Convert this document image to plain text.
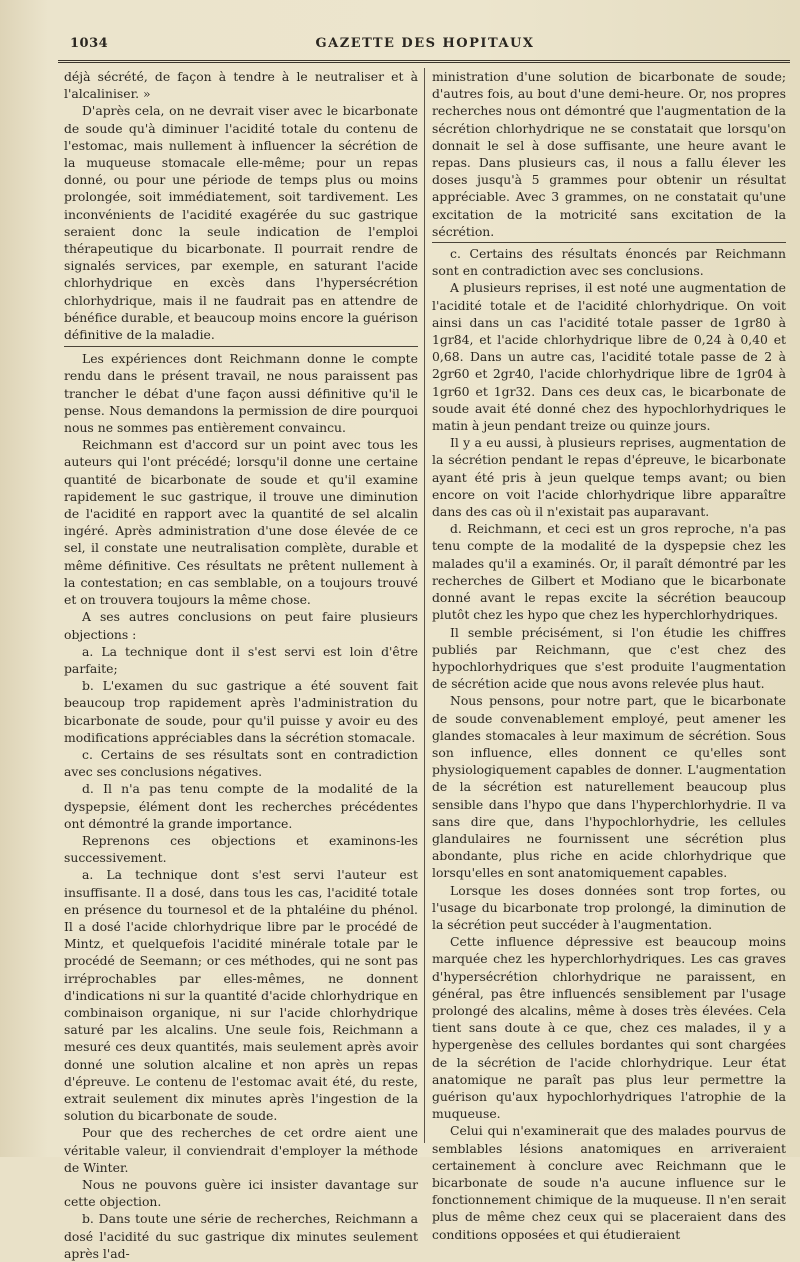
1034	GAZETTE DES HOPITAUX

déjà sécrété, de façon à tendre à le neutraliser et à l'alcaliniser. »

D'après cela, on ne devrait viser avec le bicarbonate de soude qu'à diminuer l'acidité totale du contenu de l'estomac, mais nullement à influencer la sécrétion de la muqueuse stomacale elle-même; pour un repas donné, ou pour une période de temps plus ou moins prolongée, soit immédiatement, soit tardivement. Les inconvénients de l'acidité exagérée du suc gastrique seraient donc la seule indication de l'emploi thérapeutique du bicarbonate. Il pourrait rendre de signalés services, par exemple, en saturant l'acide chlorhydrique en excès dans l'hypersécrétion chlorhydrique, mais il ne faudrait pas en attendre de bénéfice durable, et beaucoup moins encore la guérison définitive de la maladie.

Les expériences dont Reichmann donne le compte rendu dans le présent travail, ne nous paraissent pas trancher le débat d'une façon aussi définitive qu'il le pense. Nous demandons la permission de dire pourquoi nous ne sommes pas entièrement convaincu.

Reichmann est d'accord sur un point avec tous les auteurs qui l'ont précédé; lorsqu'il donne une certaine quantité de bicarbonate de soude et qu'il examine rapidement le suc gastrique, il trouve une diminution de l'acidité en rapport avec la quantité de sel alcalin ingéré. Après administration d'une dose élevée de ce sel, il constate une neutralisation complète, durable et même définitive. Ces résultats ne prêtent nullement à la contestation; en cas semblable, on a toujours trouvé et on trouvera toujours la même chose.

A ses autres conclusions on peut faire plusieurs objections :

a. La technique dont il s'est servi est loin d'être parfaite;

b. L'examen du suc gastrique a été souvent fait beaucoup trop rapidement après l'administration du bicarbonate de soude, pour qu'il puisse y avoir eu des modifications appréciables dans la sécrétion stomacale.

c. Certains de ses résultats sont en contradiction avec ses conclusions négatives.

d. Il n'a pas tenu compte de la modalité de la dyspepsie, élément dont les recherches précédentes ont démontré la grande importance.

Reprenons ces objections et examinons-les successivement.

a. La technique dont s'est servi l'auteur est insuffisante. Il a dosé, dans tous les cas, l'acidité totale en présence du tournesol et de la phtaléine du phénol. Il a dosé l'acide chlorhydrique libre par le procédé de Mintz, et quelquefois l'acidité minérale totale par le procédé de Seemann; or ces méthodes, qui ne sont pas irréprochables par elles-mêmes, ne donnent d'indications ni sur la quantité d'acide chlorhydrique en combinaison organique, ni sur l'acide chlorhydrique saturé par les alcalins. Une seule fois, Reichmann a mesuré ces deux quantités, mais seulement après avoir donné une solution alcaline et non après un repas d'épreuve. Le contenu de l'estomac avait été, du reste, extrait seulement dix minutes après l'ingestion de la solution du bicarbonate de soude.

Pour que des recherches de cet ordre aient une véritable valeur, il conviendrait d'employer la méthode de Winter.

Nous ne pouvons guère ici insister davantage sur cette objection.

b. Dans toute une série de recherches, Reichmann a dosé l'acidité du suc gastrique dix minutes seulement après l'ad-

ministration d'une solution de bicarbonate de soude; d'autres fois, au bout d'une demi-heure. Or, nos propres recherches nous ont démontré que l'augmentation de la sécrétion chlorhydrique ne se constatait que lorsqu'on donnait le sel à dose suffisante, une heure avant le repas. Dans plusieurs cas, il nous a fallu élever les doses jusqu'à 5 grammes pour obtenir un résultat appréciable. Avec 3 grammes, on ne constatait qu'une excitation de la motricité sans excitation de la sécrétion.

c. Certains des résultats énoncés par Reichmann sont en contradiction avec ses conclusions.

A plusieurs reprises, il est noté une augmentation de l'acidité totale et de l'acidité chlorhydrique. On voit ainsi dans un cas l'acidité totale passer de 1gr80 à 1gr84, et l'acide chlorhydrique libre de 0,24 à 0,40 et 0,68. Dans un autre cas, l'acidité totale passe de 2 à 2gr60 et 2gr40, l'acide chlorhydrique libre de 1gr04 à 1gr60 et 1gr32. Dans ces deux cas, le bicarbonate de soude avait été donné chez des hypochlorhydriques le matin à jeun pendant treize ou quinze jours.

Il y a eu aussi, à plusieurs reprises, augmentation de la sécrétion pendant le repas d'épreuve, le bicarbonate ayant été pris à jeun quelque temps avant; ou bien encore on voit l'acide chlorhydrique libre apparaître dans des cas où il n'existait pas auparavant.

d. Reichmann, et ceci est un gros reproche, n'a pas tenu compte de la modalité de la dyspepsie chez les malades qu'il a examinés. Or, il paraît démontré par les recherches de Gilbert et Modiano que le bicarbonate donné avant le repas excite la sécrétion beaucoup plutôt chez les hypo que chez les hyperchlorhydriques.

Il semble précisément, si l'on étudie les chiffres publiés par Reichmann, que c'est chez des hypochlorhydriques que s'est produite l'augmentation de sécrétion acide que nous avons relevée plus haut.

Nous pensons, pour notre part, que le bicarbonate de soude convenablement employé, peut amener les glandes stomacales à leur maximum de sécrétion. Sous son influence, elles donnent ce qu'elles sont physiologiquement capables de donner. L'augmentation de la sécrétion est naturellement beaucoup plus sensible dans l'hypo que dans l'hyperchlorhydrie. Il va sans dire que, dans l'hypochlorhydrie, les cellules glandulaires ne fournissent une sécrétion plus abondante, plus riche en acide chlorhydrique que lorsqu'elles en sont anatomiquement capables.

Lorsque les doses données sont trop fortes, ou l'usage du bicarbonate trop prolongé, la diminution de la sécrétion peut succéder à l'augmentation.

Cette influence dépressive est beaucoup moins marquée chez les hyperchlorhydriques. Les cas graves d'hypersécrétion chlorhydrique ne paraissent, en général, pas être influencés sensiblement par l'usage prolongé des alcalins, même à doses très élevées. Cela tient sans doute à ce que, chez ces malades, il y a hypergenèse des cellules bordantes qui sont chargées de la sécrétion de l'acide chlorhydrique. Leur état anatomique ne paraît pas plus leur permettre la guérison qu'aux hypochlorhydriques l'atrophie de la muqueuse.

Celui qui n'examinerait que des malades pourvus de semblables lésions anatomiques en arriveraient certainement à conclure avec Reichmann que le bicarbonate de soude n'a aucune influence sur le fonctionnement chimique de la muqueuse. Il n'en serait plus de même chez ceux qui se placeraient dans des conditions opposées et qui étudieraient
